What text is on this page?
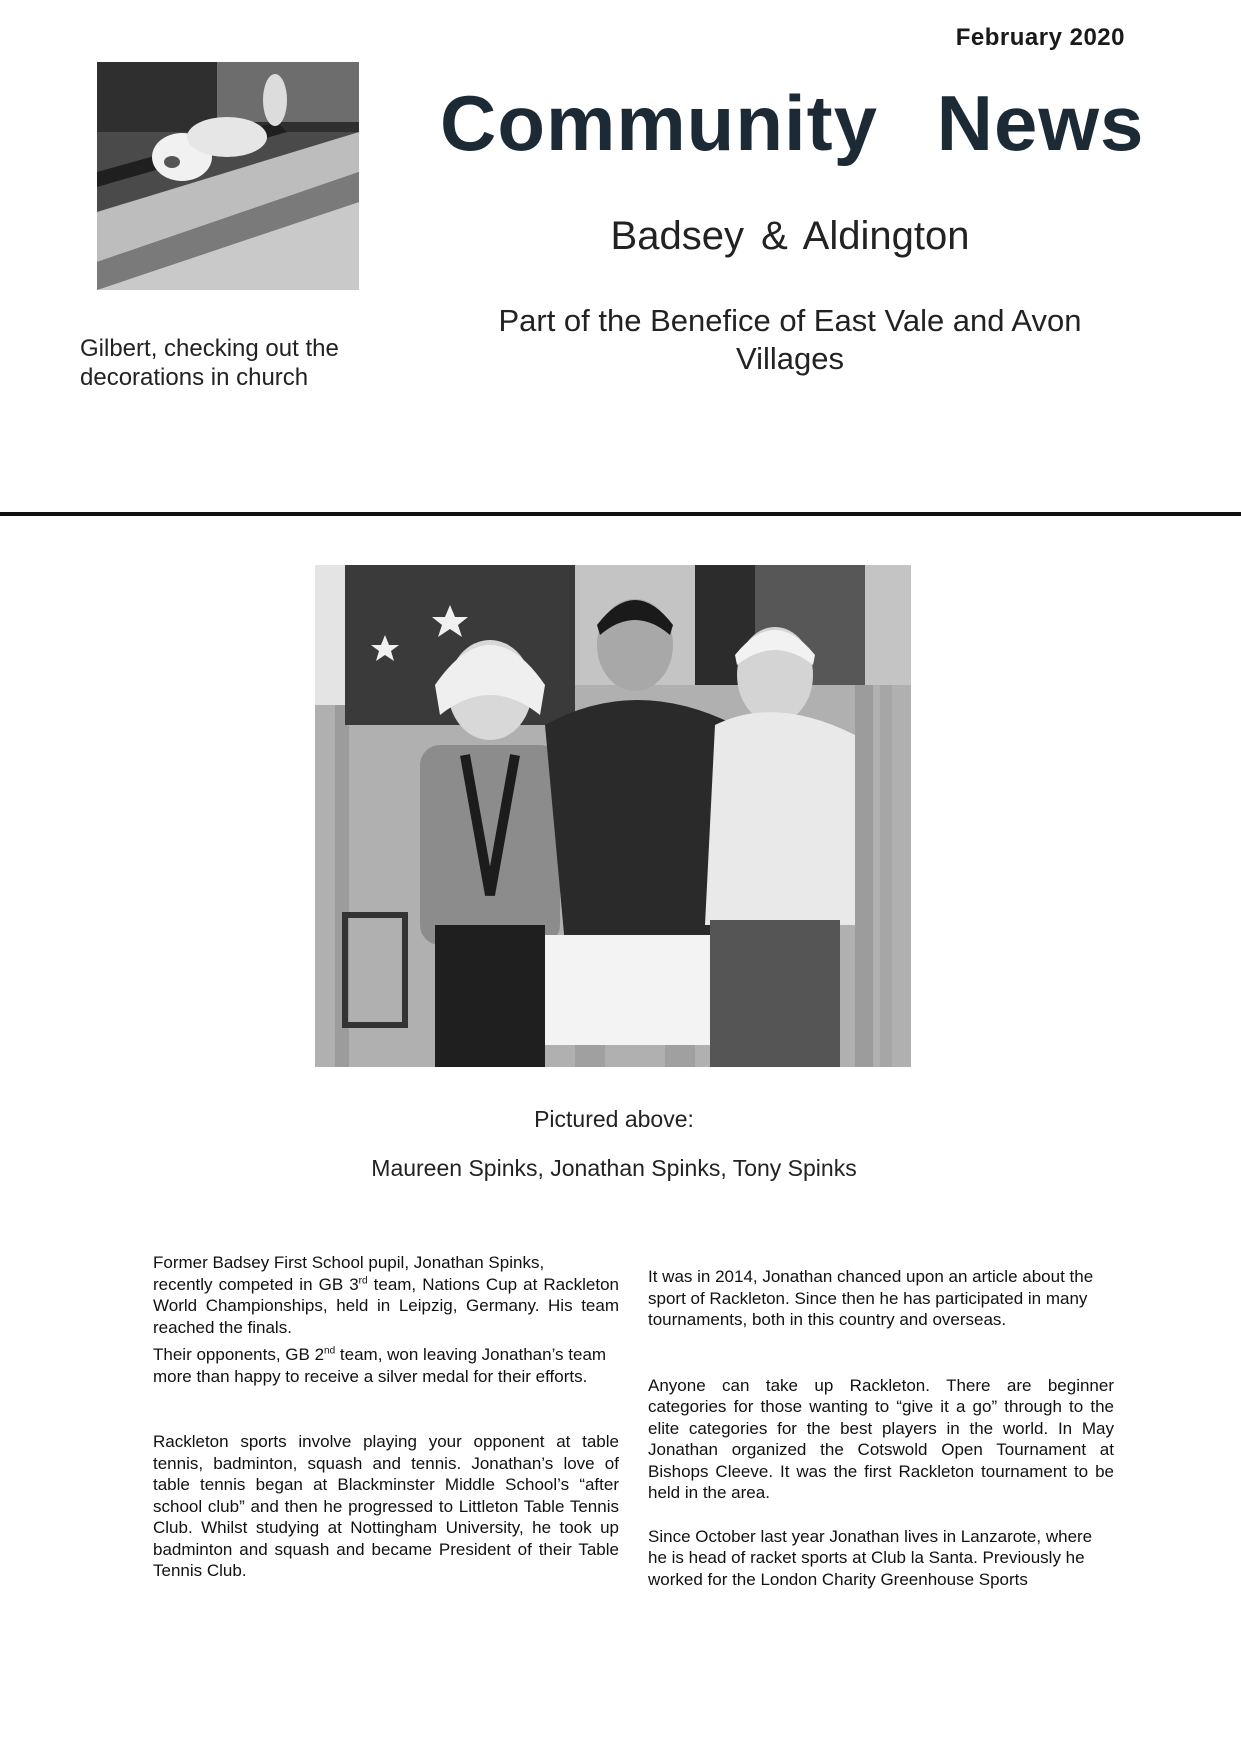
February 2020
Gilbert, checking out the
decorations in church
Community News
Badsey & Aldington
Part of the Benefice of East Vale and Avon
Villages
Pictured above:
Maureen Spinks, Jonathan Spinks, Tony Spinks

Former Badsey First School pupil, Jonathan Spinks,
recently competed in GB 3rd team, Nations Cup at Rackleton World Championships, held in Leipzig, Germany. His team reached the finals.

Their opponents, GB 2nd team, won leaving Jonathan’s team more than happy to receive a silver medal for their efforts.

Rackleton sports involve playing your opponent at table tennis, badminton, squash and tennis. Jonathan’s love of table tennis began at Blackminster Middle School’s “after school club” and then he progressed to Littleton Table Tennis Club. Whilst studying at Nottingham University, he took up badminton and squash and became President of their Table Tennis Club.

It was in 2014, Jonathan chanced upon an article about the sport of Rackleton. Since then he has participated in many tournaments, both in this country and overseas.

Anyone can take up Rackleton. There are beginner categories for those wanting to “give it a go” through to the elite categories for the best players in the world. In May Jonathan organized the Cotswold Open Tournament at Bishops Cleeve. It was the first Rackleton tournament to be held in the area.

Since October last year Jonathan lives in Lanzarote, where he is head of racket sports at Club la Santa. Previously he worked for the London Charity Greenhouse Sports
